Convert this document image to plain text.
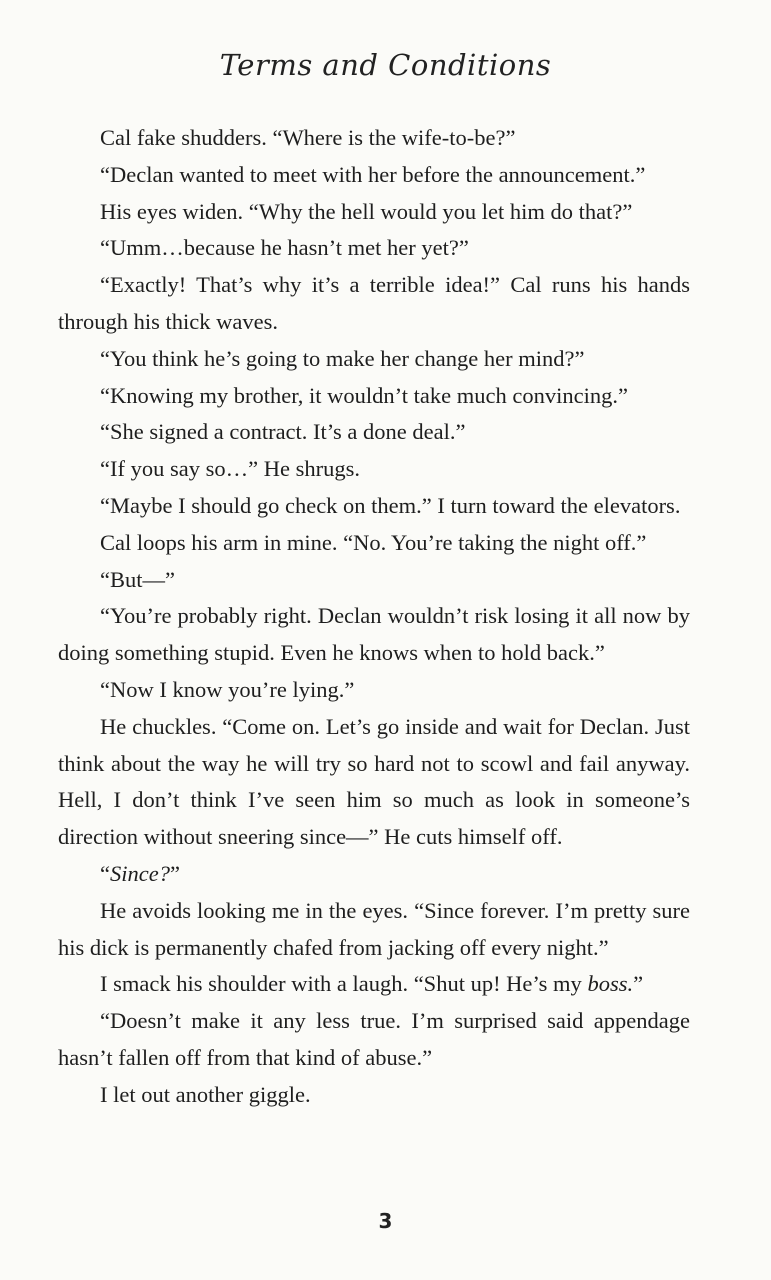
Terms and Conditions

Cal fake shudders. “Where is the wife-to-be?”

“Declan wanted to meet with her before the announcement.”

His eyes widen. “Why the hell would you let him do that?”

“Umm…because he hasn’t met her yet?”

“Exactly! That’s why it’s a terrible idea!” Cal runs his hands through his thick waves.

“You think he’s going to make her change her mind?”

“Knowing my brother, it wouldn’t take much convincing.”

“She signed a contract. It’s a done deal.”

“If you say so…” He shrugs.

“Maybe I should go check on them.” I turn toward the elevators.

Cal loops his arm in mine. “No. You’re taking the night off.”

“But—”

“You’re probably right. Declan wouldn’t risk losing it all now by doing something stupid. Even he knows when to hold back.”

“Now I know you’re lying.”

He chuckles. “Come on. Let’s go inside and wait for Declan. Just think about the way he will try so hard not to scowl and fail anyway. Hell, I don’t think I’ve seen him so much as look in someone’s direction without sneering since—” He cuts himself off.

“Since?”

He avoids looking me in the eyes. “Since forever. I’m pretty sure his dick is permanently chafed from jacking off every night.”

I smack his shoulder with a laugh. “Shut up! He’s my boss.”

“Doesn’t make it any less true. I’m surprised said appendage hasn’t fallen off from that kind of abuse.”

I let out another giggle.

3
